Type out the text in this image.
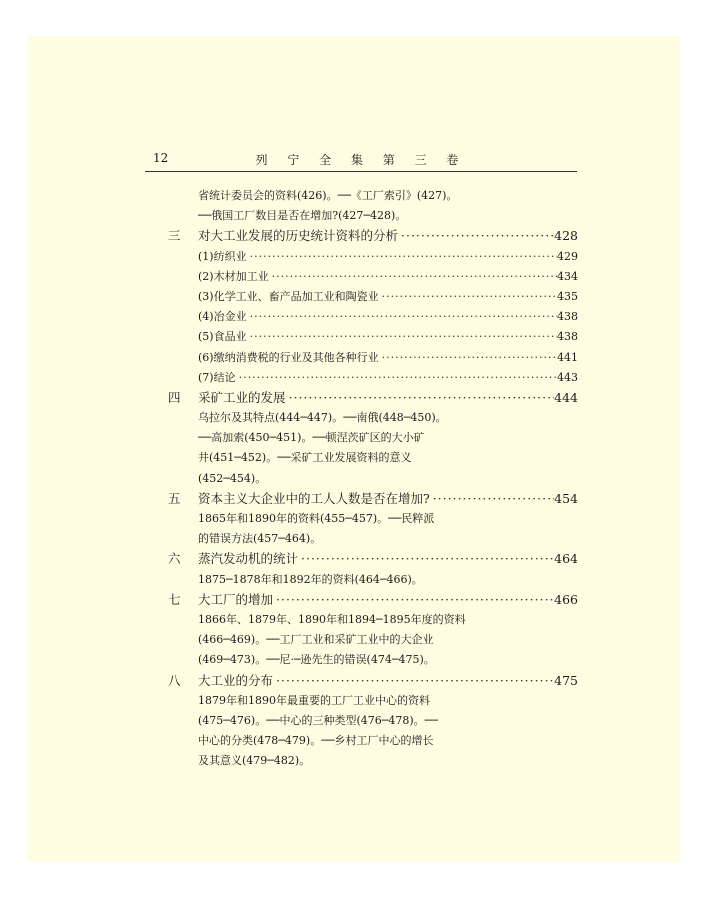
12	列 宁 全 集 第 三 卷
省统计委员会的资料(426)。──《工厂索引》(427)。
──俄国工厂数目是否在增加?(427─428)。
三 对大工业发展的历史统计资料的分析 ·····	428
(1)纺织业 ·····	429
(2)木材加工业 ·····	434
(3)化学工业、畜产品加工业和陶瓷业 ·····	435
(4)冶金业 ·····	438
(5)食品业 ·····	438
(6)缴纳消费税的行业及其他各种行业 ·····	441
(7)结论 ·····	443
四 采矿工业的发展 ·····	444
乌拉尔及其特点(444─447)。──南俄(448─450)。
──高加索(450─451)。──顿涅茨矿区的大小矿
井(451─452)。──采矿工业发展资料的意义
(452─454)。
五 资本主义大企业中的工人人数是否在增加? ·····	454
1865年和1890年的资料(455─457)。──民粹派
的错误方法(457─464)。
六 蒸汽发动机的统计 ·····	464
1875─1878年和1892年的资料(464─466)。
七 大工厂的增加 ·····	466
1866年、1879年、1890年和1894─1895年度的资料
(466─469)。──工厂工业和采矿工业中的大企业
(469─473)。──尼·─逊先生的错误(474─475)。
八 大工业的分布 ·····	475
1879年和1890年最重要的工厂工业中心的资料
(475─476)。──中心的三种类型(476─478)。──
中心的分类(478─479)。──乡村工厂中心的增长
及其意义(479─482)。
